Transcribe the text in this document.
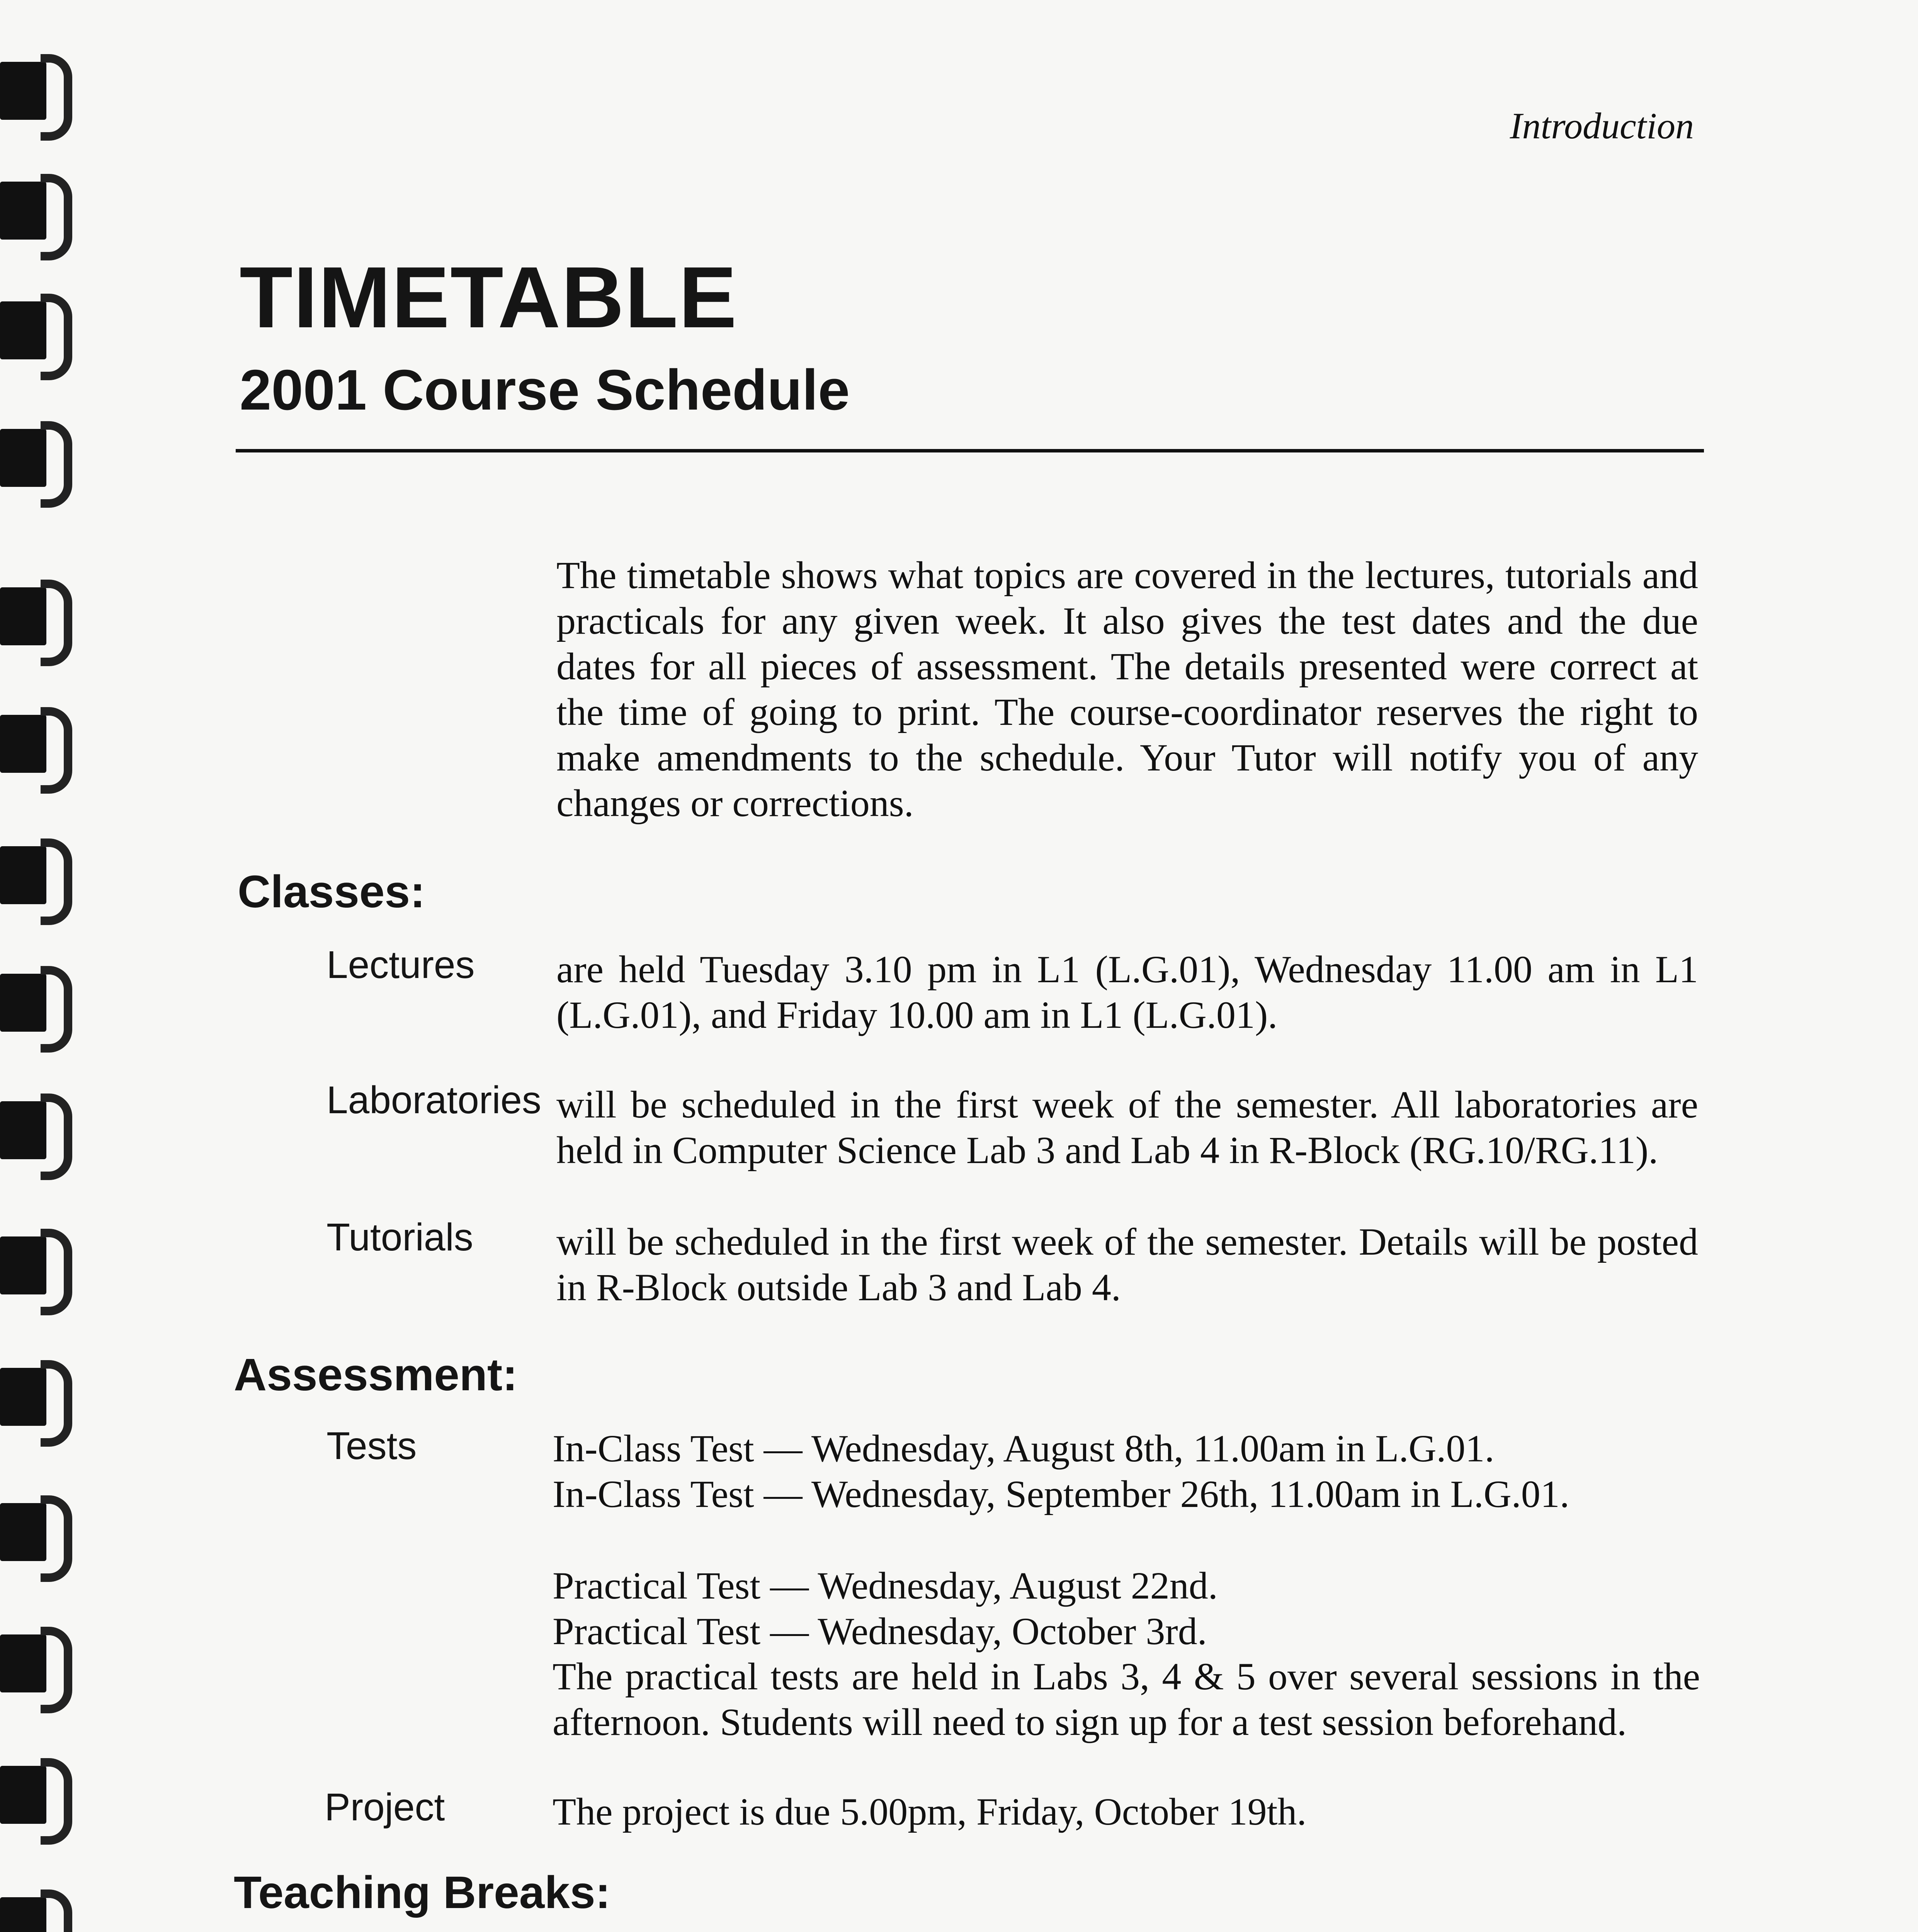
Introduction
TIMETABLE
2001 Course Schedule
The timetable shows what topics are covered in the lectures, tutorials and practicals for any given week. It also gives the test dates and the due dates for all pieces of assessment. The details presented were correct at the time of going to print. The course-coordinator reserves the right to make amendments to the schedule. Your Tutor will notify you of any changes or corrections.
Classes:
Lectures are held Tuesday 3.10 pm in L1 (L.G.01), Wednesday 11.00 am in L1 (L.G.01), and Friday 10.00 am in L1 (L.G.01).
Laboratories will be scheduled in the first week of the semester. All laboratories are held in Computer Science Lab 3 and Lab 4 in R-Block (RG.10/RG.11).
Tutorials will be scheduled in the first week of the semester. Details will be posted in R-Block outside Lab 3 and Lab 4.
Assessment:
Tests	In-Class Test — Wednesday, August 8th, 11.00am in L.G.01.
In-Class Test — Wednesday, September 26th, 11.00am in L.G.01.
Practical Test — Wednesday, August 22nd.
Practical Test — Wednesday, October 3rd.
The practical tests are held in Labs 3, 4 & 5 over several sessions in the afternoon. Students will need to sign up for a test session beforehand.
Project	The project is due 5.00pm, Friday, October 19th.
Teaching Breaks:
